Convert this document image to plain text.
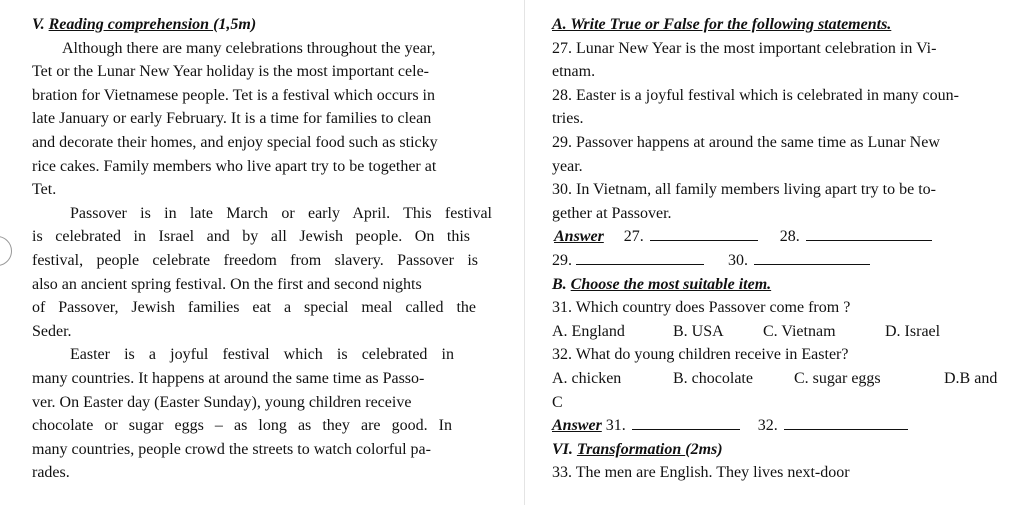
V. Reading comprehension (1,5m)
Although there are many celebrations throughout the year,
Tet or the Lunar New Year holiday is the most important cele-
bration for Vietnamese people. Tet is a festival which occurs in
late January or early February. It is a time for families to clean
and decorate their homes, and enjoy special food such as sticky
rice cakes. Family members who live apart try to be together at
Tet.
Passover is in late March or early April. This festival
is celebrated in Israel and by all Jewish people. On this
festival, people celebrate freedom from slavery. Passover is
also an ancient spring festival. On the first and second nights
of Passover, Jewish families eat a special meal called the
Seder.
Easter is a joyful festival which is celebrated in
many countries. It happens at around the same time as Passo-
ver. On Easter day (Easter Sunday), young children receive
chocolate or sugar eggs – as long as they are good. In
many countries, people crowd the streets to watch colorful pa-
rades.
A. Write True or False for the following statements.
27. Lunar New Year is the most important celebration in Vi-
etnam.
28. Easter is a joyful festival which is celebrated in many coun-
tries.
29. Passover happens at around the same time as Lunar New
year.
30. In Vietnam, all family members living apart try to be to-
gether at Passover.
Answer 27.	28.
29.	30.
B. Choose the most suitable item.
31. Which country does Passover come from ?
A. England	B. USA	C. Vietnam	D. Israel
32. What do young children receive in Easter?
A. chicken	B. chocolate	C. sugar eggs	D.B and
C
Answer 31.	32.
VI. Transformation (2ms)
33. The men are English. They lives next-door
